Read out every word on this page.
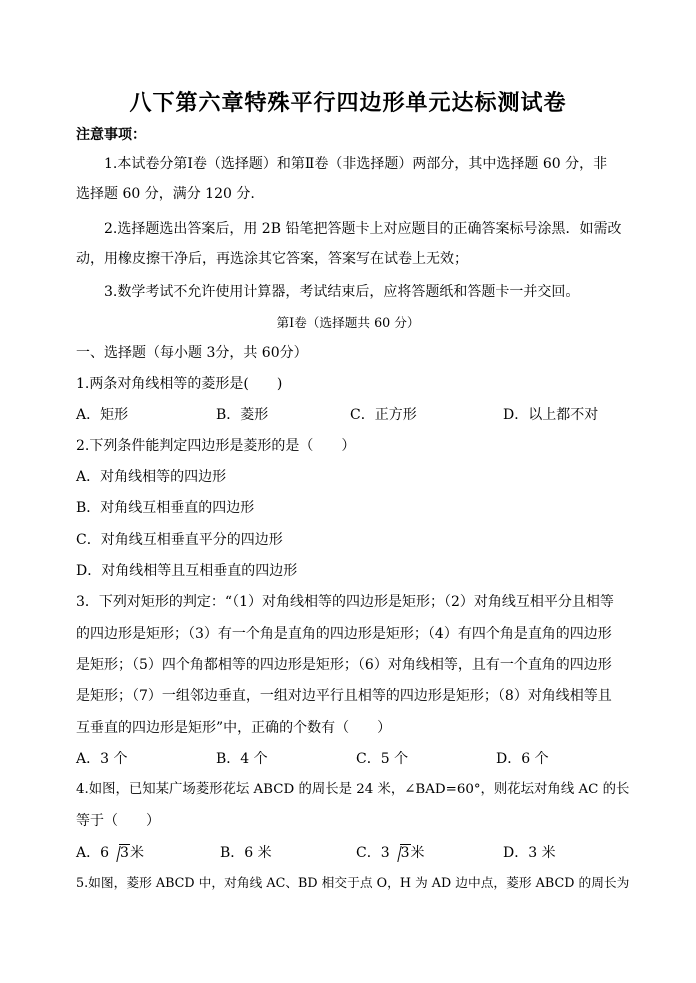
八下第六章特殊平行四边形单元达标测试卷
注意事项：
1.本试卷分第Ⅰ卷（选择题）和第Ⅱ卷（非选择题）两部分，其中选择题 60 分，非
选择题 60 分，满分 120 分.
2.选择题选出答案后，用 2B 铅笔把答题卡上对应题目的正确答案标号涂黑．如需改
动，用橡皮擦干净后，再选涂其它答案，答案写在试卷上无效；
3.数学考试不允许使用计算器，考试结束后，应将答题纸和答题卡一并交回。
第Ⅰ卷（选择题共 60 分）
一、选择题（每小题 3分，共 60分）
1.两条对角线相等的菱形是(　　)
A．矩形	B．菱形	C．正方形	D．以上都不对
2.下列条件能判定四边形是菱形的是（　　）
A．对角线相等的四边形
B．对角线互相垂直的四边形
C．对角线互相垂直平分的四边形
D．对角线相等且互相垂直的四边形
3．下列对矩形的判定：“（1）对角线相等的四边形是矩形；（2）对角线互相平分且相等
的四边形是矩形；（3）有一个角是直角的四边形是矩形；（4）有四个角是直角的四边形
是矩形；（5）四个角都相等的四边形是矩形；（6）对角线相等，且有一个直角的四边形
是矩形；（7）一组邻边垂直，一组对边平行且相等的四边形是矩形；（8）对角线相等且
互垂直的四边形是矩形”中，正确的个数有（　　）
A．3 个	B．4 个	C．5 个	D．6 个
4.如图，已知某广场菱形花坛 ABCD 的周长是 24 米，∠BAD=60°，则花坛对角线 AC 的长
等于（　　）
A．6 3米	B．6 米	C．3 3米	D．3 米
5.如图，菱形 ABCD 中，对角线 AC、BD 相交于点 O，H 为 AD 边中点，菱形 ABCD 的周长为
